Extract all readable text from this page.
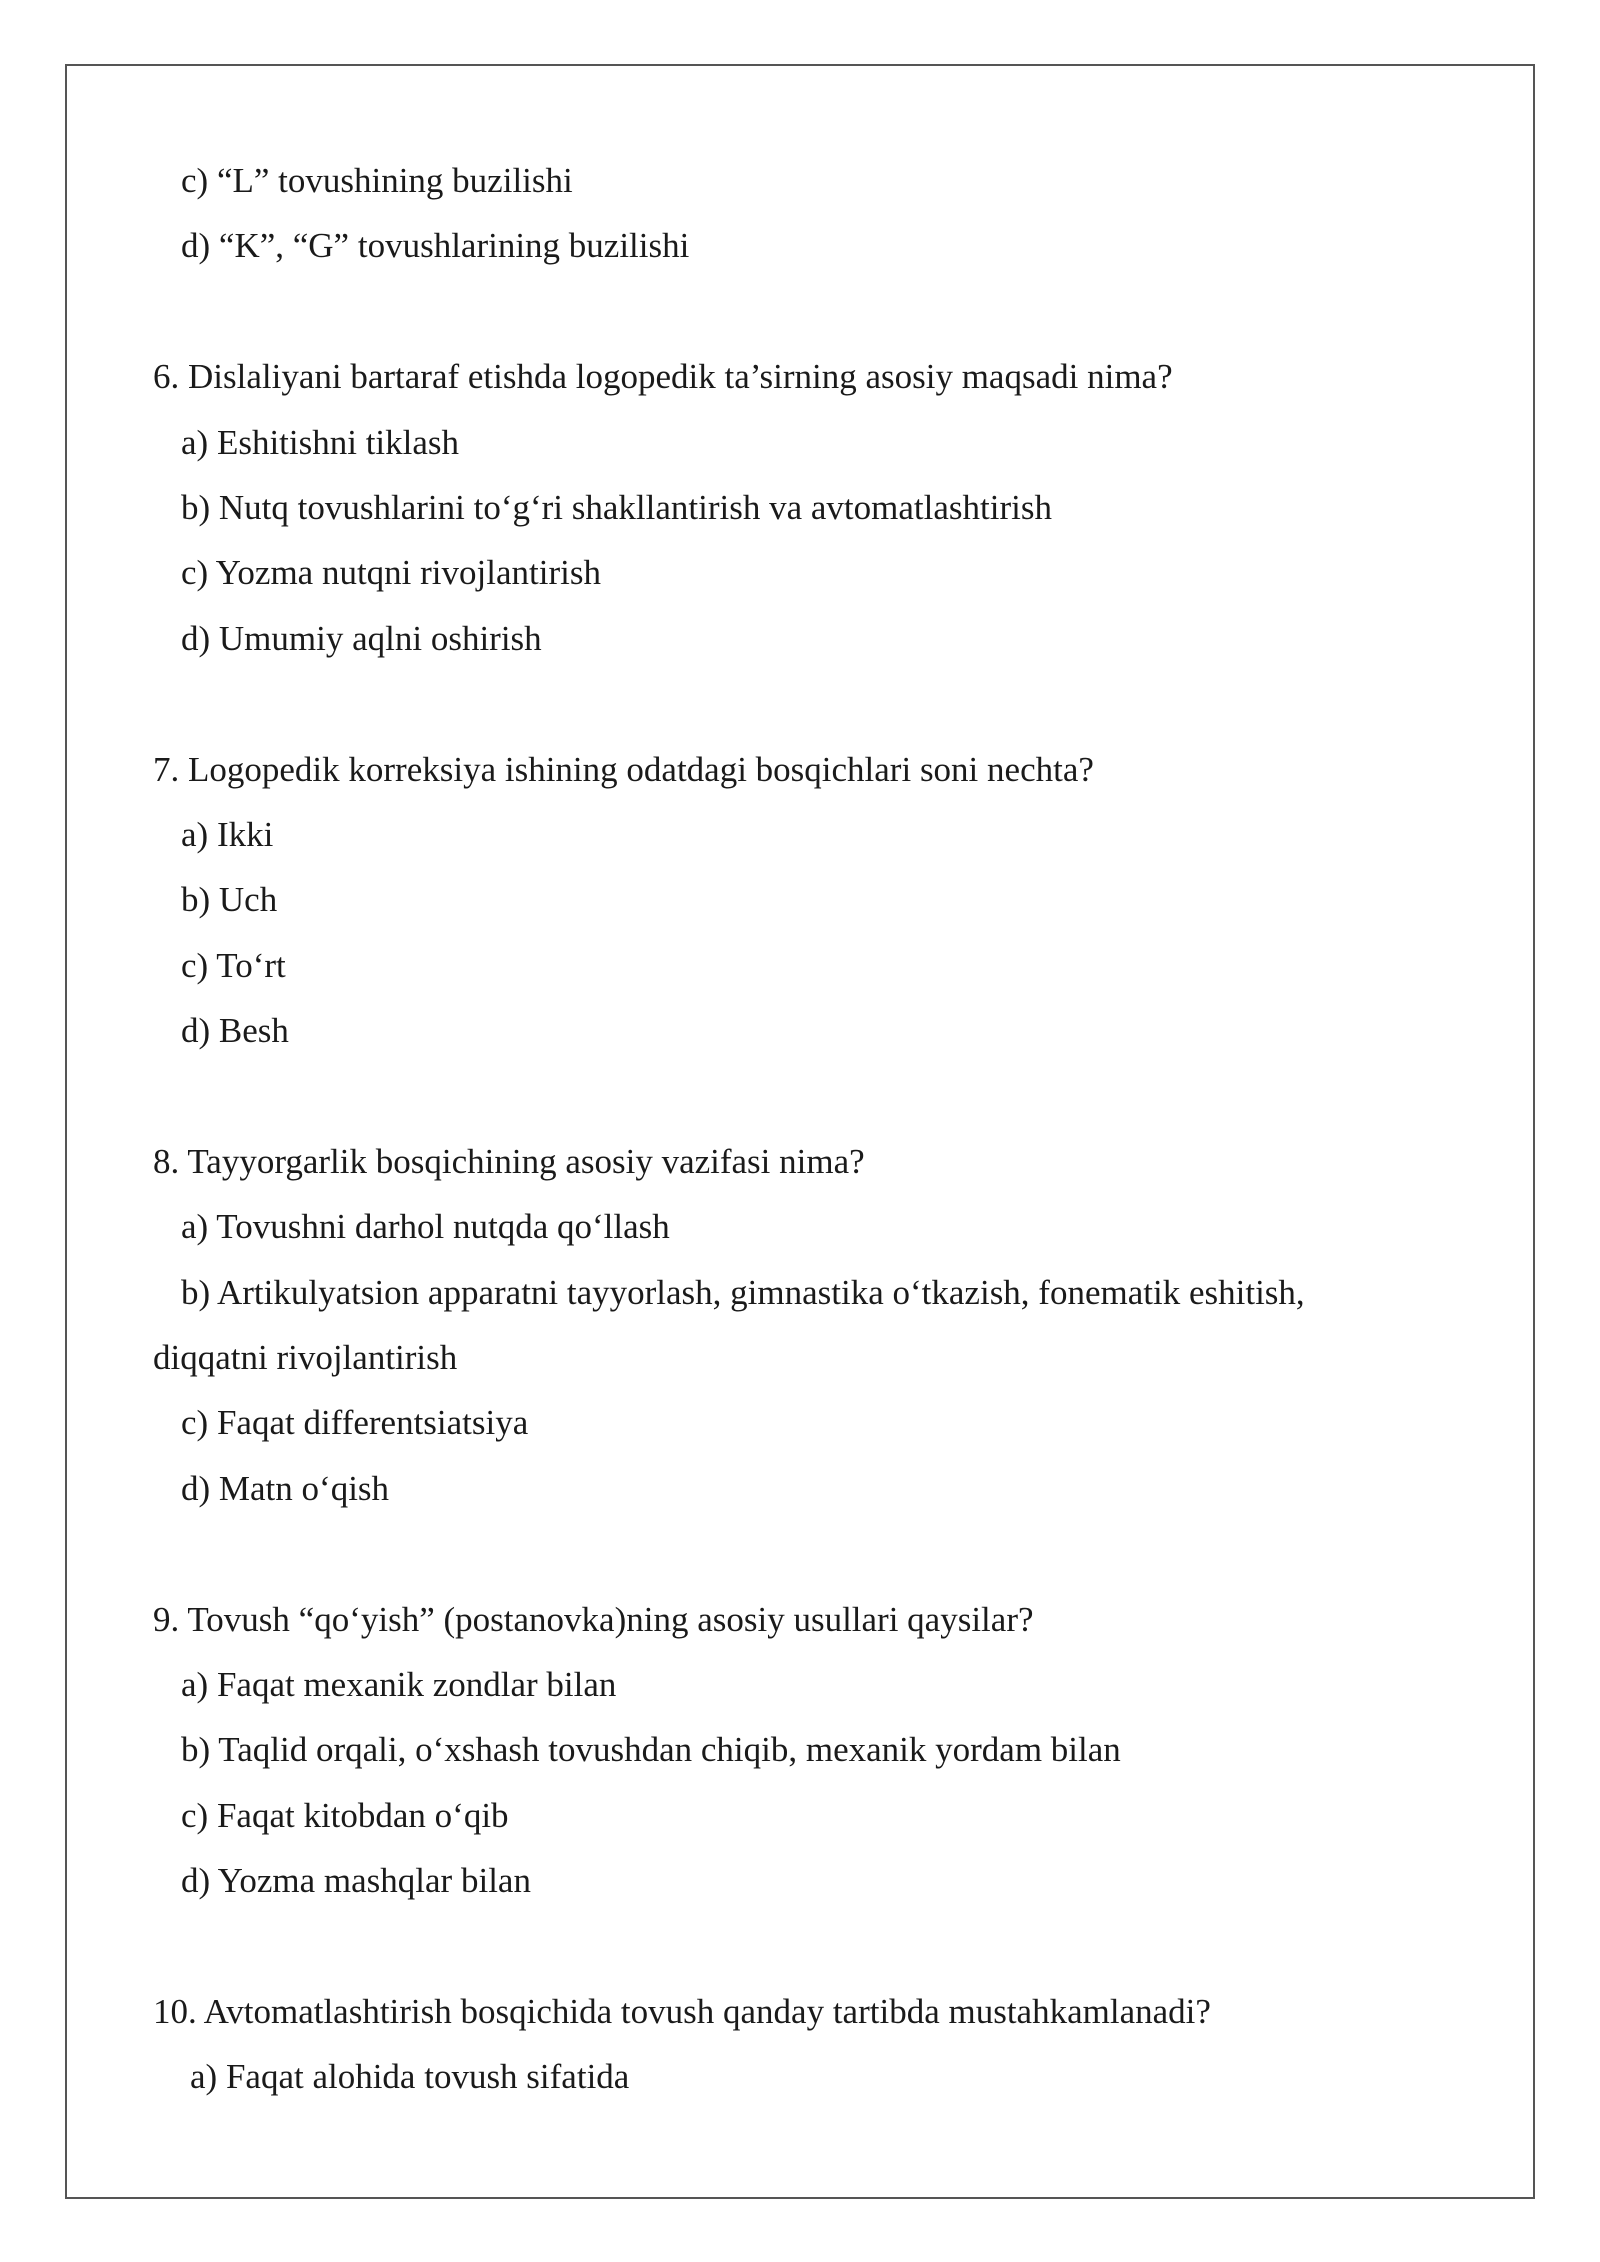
c) “L” tovushining buzilishi
d) “K”, “G” tovushlarining buzilishi
6. Dislaliyani bartaraf etishda logopedik ta’sirning asosiy maqsadi nima?
a) Eshitishni tiklash
b) Nutq tovushlarini to‘g‘ri shakllantirish va avtomatlashtirish
c) Yozma nutqni rivojlantirish
d) Umumiy aqlni oshirish
7. Logopedik korreksiya ishining odatdagi bosqichlari soni nechta?
a) Ikki
b) Uch
c) To‘rt
d) Besh
8. Tayyorgarlik bosqichining asosiy vazifasi nima?
a) Tovushni darhol nutqda qo‘llash
b) Artikulyatsion apparatni tayyorlash, gimnastika o‘tkazish, fonematik eshitish,
diqqatni rivojlantirish
c) Faqat differentsiatsiya
d) Matn o‘qish
9. Tovush “qo‘yish” (postanovka)ning asosiy usullari qaysilar?
a) Faqat mexanik zondlar bilan
b) Taqlid orqali, o‘xshash tovushdan chiqib, mexanik yordam bilan
c) Faqat kitobdan o‘qib
d) Yozma mashqlar bilan
10. Avtomatlashtirish bosqichida tovush qanday tartibda mustahkamlanadi?
a) Faqat alohida tovush sifatida
